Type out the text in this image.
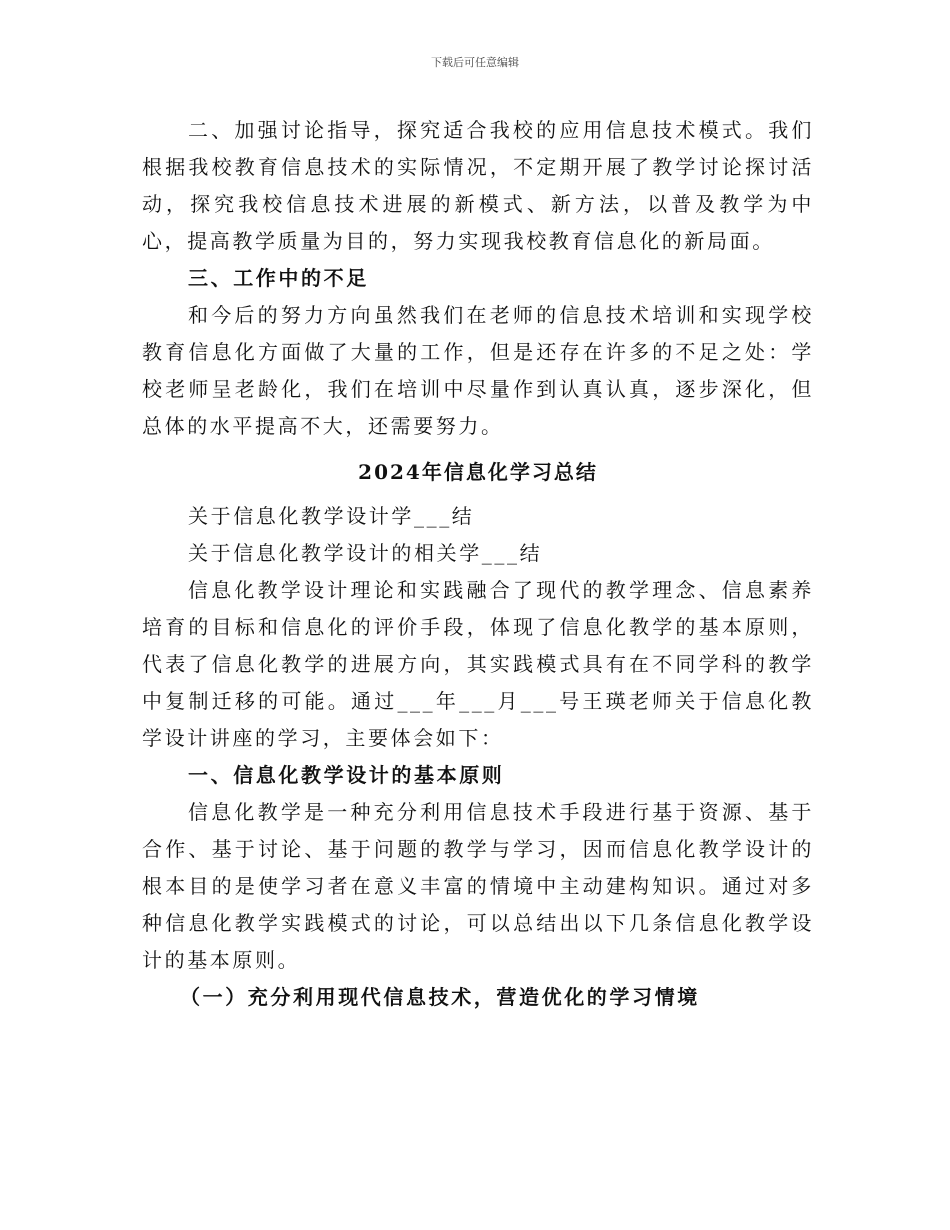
下载后可任意编辑

二、加强讨论指导，探究适合我校的应用信息技术模式。我们根据我校教育信息技术的实际情况，不定期开展了教学讨论探讨活动，探究我校信息技术进展的新模式、新方法，以普及教学为中心，提高教学质量为目的，努力实现我校教育信息化的新局面。

三、工作中的不足

和今后的努力方向虽然我们在老师的信息技术培训和实现学校教育信息化方面做了大量的工作，但是还存在许多的不足之处：学校老师呈老龄化，我们在培训中尽量作到认真认真，逐步深化，但总体的水平提高不大，还需要努力。

2024年信息化学习总结

关于信息化教学设计学___结

关于信息化教学设计的相关学___结

信息化教学设计理论和实践融合了现代的教学理念、信息素养培育的目标和信息化的评价手段，体现了信息化教学的基本原则，代表了信息化教学的进展方向，其实践模式具有在不同学科的教学中复制迁移的可能。通过___年___月___号王瑛老师关于信息化教学设计讲座的学习，主要体会如下：

一、信息化教学设计的基本原则

信息化教学是一种充分利用信息技术手段进行基于资源、基于合作、基于讨论、基于问题的教学与学习，因而信息化教学设计的根本目的是使学习者在意义丰富的情境中主动建构知识。通过对多种信息化教学实践模式的讨论，可以总结出以下几条信息化教学设计的基本原则。

（一）充分利用现代信息技术，营造优化的学习情境
